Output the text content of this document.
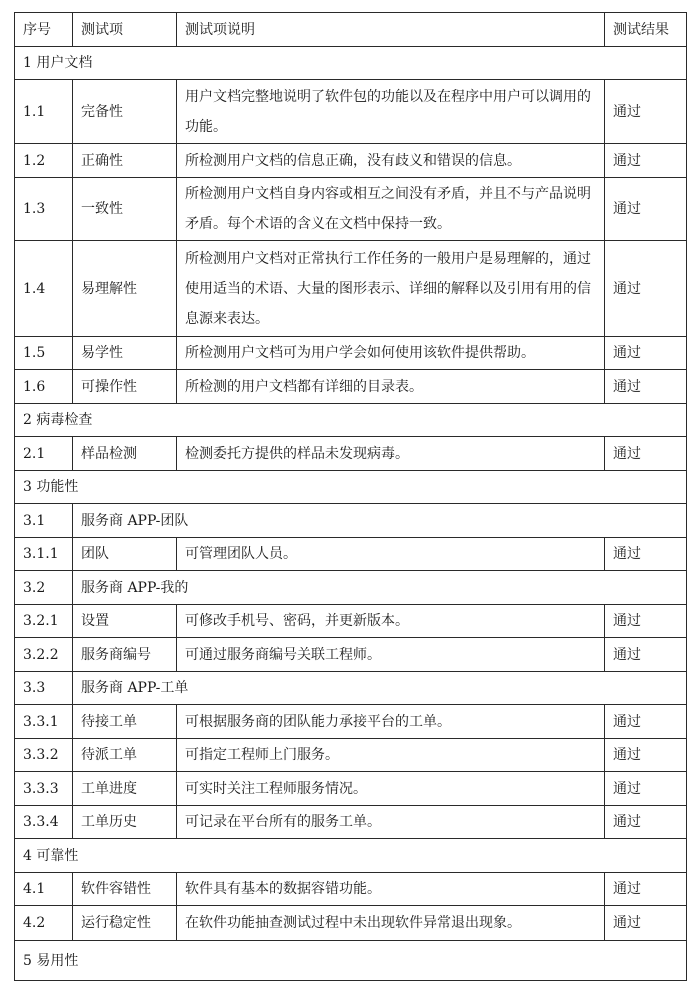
序号	测试项	测试项说明	测试结果
1 用户文档			
1.1	完备性	用户文档完整地说明了软件包的功能以及在程序中用户可以调用的功能。	通过
1.2	正确性	所检测用户文档的信息正确，没有歧义和错误的信息。	通过
1.3	一致性	所检测用户文档自身内容或相互之间没有矛盾，并且不与产品说明矛盾。每个术语的含义在文档中保持一致。	通过
1.4	易理解性	所检测用户文档对正常执行工作任务的一般用户是易理解的，通过使用适当的术语、大量的图形表示、详细的解释以及引用有用的信息源来表达。	通过
1.5	易学性	所检测用户文档可为用户学会如何使用该软件提供帮助。	通过
1.6	可操作性	所检测的用户文档都有详细的目录表。	通过
2 病毒检查			
2.1	样品检测	检测委托方提供的样品未发现病毒。	通过
3 功能性			
3.1	服务商 APP-团队		
3.1.1	团队	可管理团队人员。	通过
3.2	服务商 APP-我的		
3.2.1	设置	可修改手机号、密码，并更新版本。	通过
3.2.2	服务商编号	可通过服务商编号关联工程师。	通过
3.3	服务商 APP-工单		
3.3.1	待接工单	可根据服务商的团队能力承接平台的工单。	通过
3.3.2	待派工单	可指定工程师上门服务。	通过
3.3.3	工单进度	可实时关注工程师服务情况。	通过
3.3.4	工单历史	可记录在平台所有的服务工单。	通过
4 可靠性			
4.1	软件容错性	软件具有基本的数据容错功能。	通过
4.2	运行稳定性	在软件功能抽查测试过程中未出现软件异常退出现象。	通过
5 易用性			
